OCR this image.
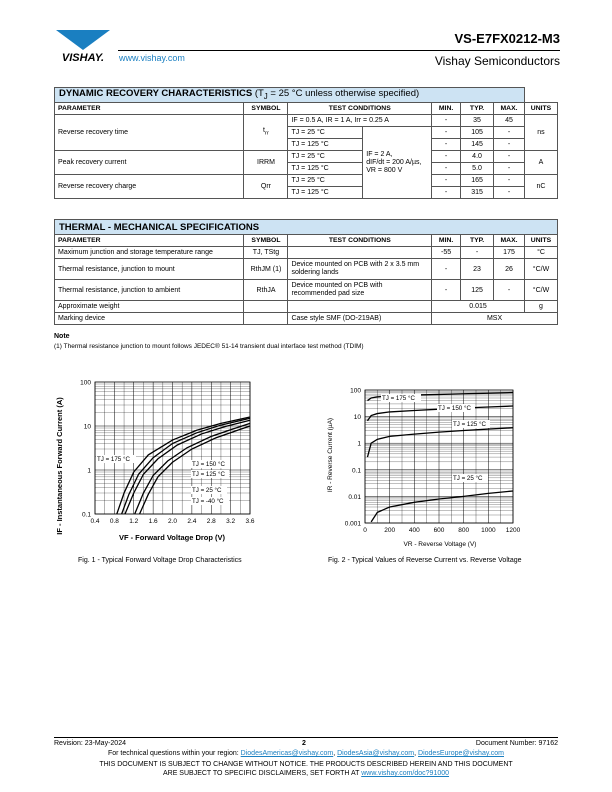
VISHAY.
VS-E7FX0212-M3
www.vishay.com	Vishay Semiconductors
DYNAMIC RECOVERY CHARACTERISTICS ($T_J = 25$ °C unless otherwise specified)							
PARAMETER	SYMBOL	TEST CONDITIONS		MIN.	TYP.	MAX.	UNITS
Reverse recovery time	$t_{rr}$	IF = 0.5 A, IR = 1 A, Irr = 0.25 A		-	35	45	ns
		TJ = 25 °C	IF = 2 A,
dIF/dt = 200 A/µs,
VR = 800 V	-	105	-	
		TJ = 125 °C		-	145	-	
Peak recovery current	IRRM	TJ = 25 °C		-	4.0	-	A
		TJ = 125 °C		-	5.0	-	
Reverse recovery charge	Qrr	TJ = 25 °C		-	165	-	nC
		TJ = 125 °C		-	315	-	
THERMAL - MECHANICAL SPECIFICATIONS						
PARAMETER	SYMBOL	TEST CONDITIONS	MIN.	TYP.	MAX.	UNITS
Maximum junction and storage temperature range	TJ, TStg		-55	-	175	°C
Thermal resistance, junction to mount	RthJM (1)	Device mounted on PCB with 2 x 3.5 mm soldering lands	-	23	26	°C/W
Thermal resistance, junction to ambient	RthJA	Device mounted on PCB with recommended pad size	-	125	-	°C/W
Approximate weight			0.015			g
Marking device		Case style SMF (DO-219AB)	MSX			
Note
(1) Thermal resistance junction to mount follows JEDEC® 51-14 transient dual interface test method (TDIM)
0.4 0.8 1.2 1.6 2.0 2.4 2.8 3.2 3.6
0.1
1
10
100
IF - Instantaneous Forward Current (A)
VF - Forward Voltage Drop (V)
TJ = 175 °C
TJ = 150 °C
TJ = 125 °C
TJ = 25 °C
TJ = -40 °C
Fig. 1 - Typical Forward Voltage Drop Characteristics
0	200 400 600 800 1000 1200
0.001
0.01
0.1
1
10
100
IR - Reverse Current (µA)
VR - Reverse Voltage (V)
TJ = 175 °C
TJ = 150 °C
TJ = 125 °C
TJ = 25 °C
Fig. 2 - Typical Values of Reverse Current vs. Reverse Voltage
Revision: 23-May-2024	2	Document Number: 97162
For technical questions within your region: DiodesAmericas@vishay.com, DiodesAsia@vishay.com, DiodesEurope@vishay.com
THIS DOCUMENT IS SUBJECT TO CHANGE WITHOUT NOTICE. THE PRODUCTS DESCRIBED HEREIN AND THIS DOCUMENT
ARE SUBJECT TO SPECIFIC DISCLAIMERS, SET FORTH AT www.vishay.com/doc?91000
